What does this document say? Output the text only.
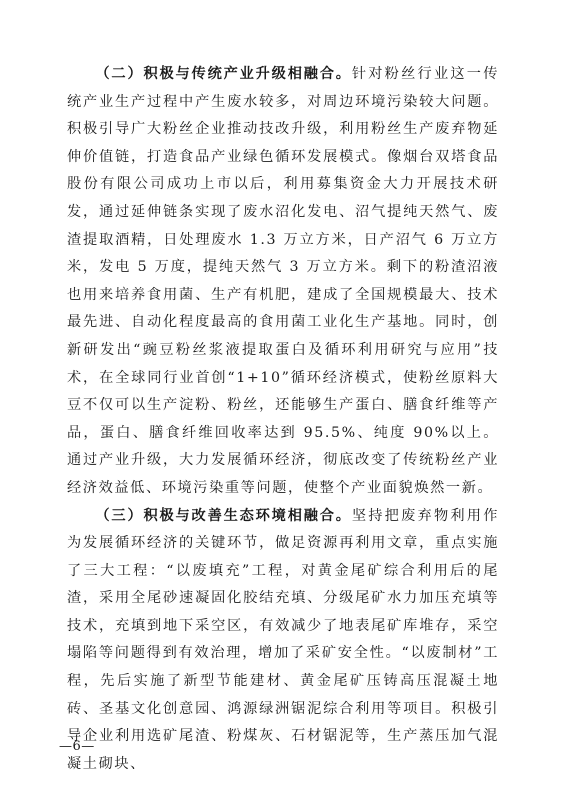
（二）积极与传统产业升级相融合。针对粉丝行业这一传统产业生产过程中产生废水较多，对周边环境污染较大问题。积极引导广大粉丝企业推动技改升级，利用粉丝生产废弃物延伸价值链，打造食品产业绿色循环发展模式。像烟台双塔食品股份有限公司成功上市以后，利用募集资金大力开展技术研发，通过延伸链条实现了废水沼化发电、沼气提纯天然气、废渣提取酒精，日处理废水 1.3 万立方米，日产沼气 6 万立方米，发电 5 万度，提纯天然气 3 万立方米。剩下的粉渣沼液也用来培养食用菌、生产有机肥，建成了全国规模最大、技术最先进、自动化程度最高的食用菌工业化生产基地。同时，创新研发出“豌豆粉丝浆液提取蛋白及循环利用研究与应用”技术，在全球同行业首创“1+10”循环经济模式，使粉丝原料大豆不仅可以生产淀粉、粉丝，还能够生产蛋白、膳食纤维等产品，蛋白、膳食纤维回收率达到 95.5%、纯度 90%以上。通过产业升级，大力发展循环经济，彻底改变了传统粉丝产业经济效益低、环境污染重等问题，使整个产业面貌焕然一新。

（三）积极与改善生态环境相融合。坚持把废弃物利用作为发展循环经济的关键环节，做足资源再利用文章，重点实施了三大工程：“以废填充”工程，对黄金尾矿综合利用后的尾渣，采用全尾砂速凝固化胶结充填、分级尾矿水力加压充填等技术，充填到地下采空区，有效减少了地表尾矿库堆存，采空塌陷等问题得到有效治理，增加了采矿安全性。“以废制材”工程，先后实施了新型节能建材、黄金尾矿压铸高压混凝土地砖、圣基文化创意园、鸿源绿洲锯泥综合利用等项目。积极引导企业利用选矿尾渣、粉煤灰、石材锯泥等，生产蒸压加气混凝土砌块、

—6—
